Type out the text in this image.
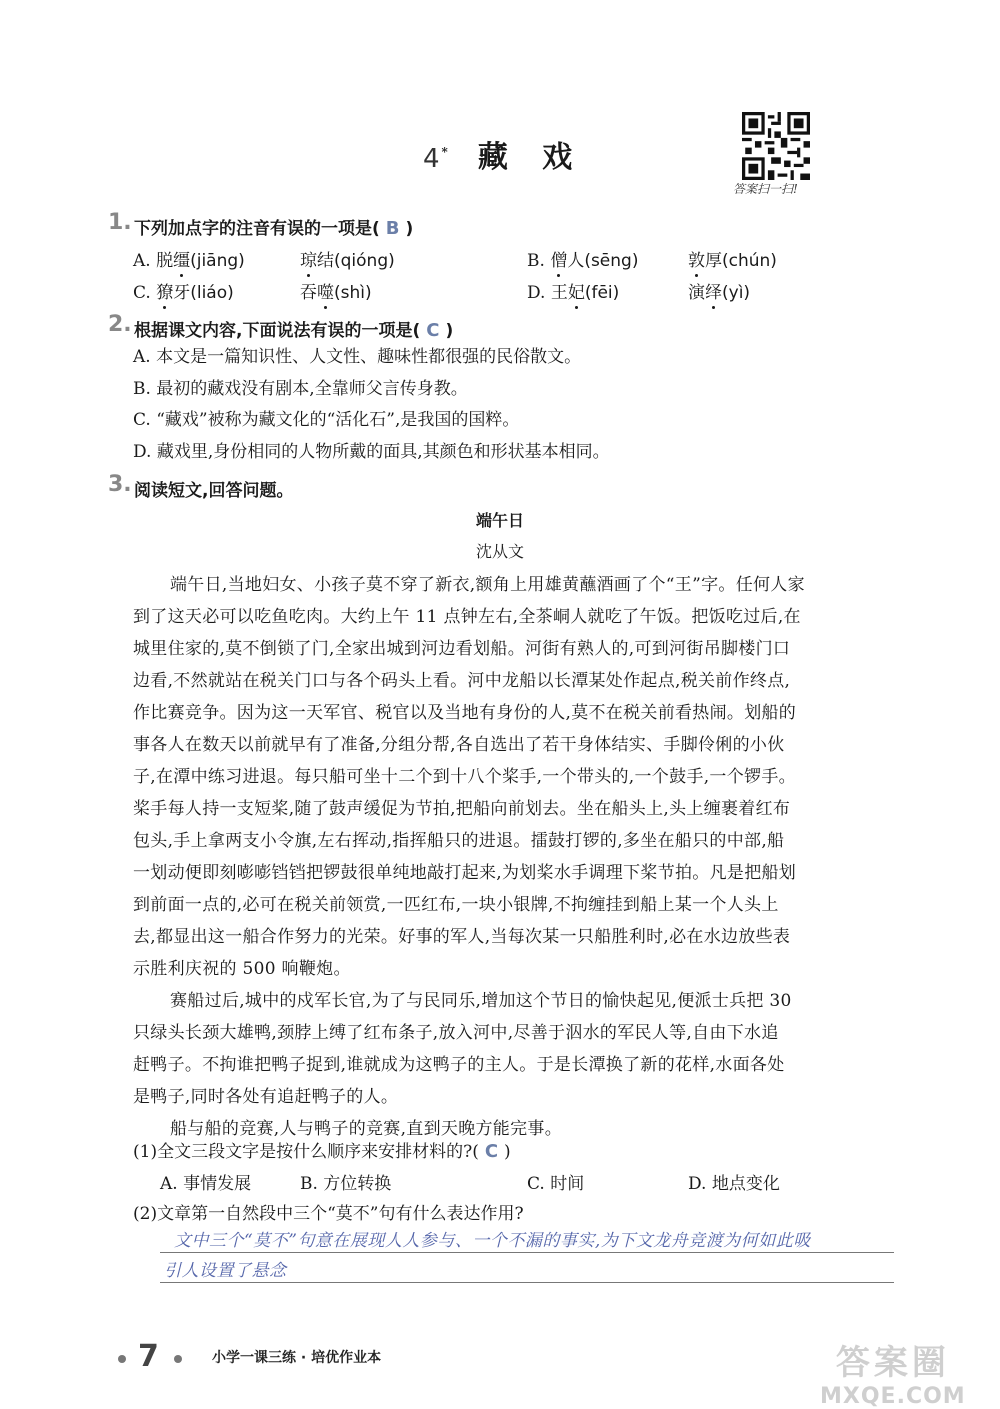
4 * 藏 戏
答案扫一扫!
1. 下列加点字的注音有误的一项是( B )
A. 脱缰(jiāng)	琼结(qióng)	B. 僧人(sēng)	敦厚(chún)
C. 獠牙(liáo)	吞噬(shì)	D. 王妃(fēi)	演绎(yì)
2. 根据课文内容,下面说法有误的一项是( C )
A. 本文是一篇知识性、人文性、趣味性都很强的民俗散文。
B. 最初的藏戏没有剧本,全靠师父言传身教。
C. “藏戏”被称为藏文化的“活化石”,是我国的国粹。
D. 藏戏里,身份相同的人物所戴的面具,其颜色和形状基本相同。
3. 阅读短文,回答问题。
端午日
沈从文
端午日,当地妇女、小孩子莫不穿了新衣,额角上用雄黄蘸酒画了个“王”字。任何人家
到了这天必可以吃鱼吃肉。大约上午 11 点钟左右,全茶峒人就吃了午饭。把饭吃过后,在
城里住家的,莫不倒锁了门,全家出城到河边看划船。河街有熟人的,可到河街吊脚楼门口
边看,不然就站在税关门口与各个码头上看。河中龙船以长潭某处作起点,税关前作终点,
作比赛竞争。因为这一天军官、税官以及当地有身份的人,莫不在税关前看热闹。划船的
事各人在数天以前就早有了准备,分组分帮,各自选出了若干身体结实、手脚伶俐的小伙
子,在潭中练习进退。每只船可坐十二个到十八个桨手,一个带头的,一个鼓手,一个锣手。
桨手每人持一支短桨,随了鼓声缓促为节拍,把船向前划去。坐在船头上,头上缠裹着红布
包头,手上拿两支小令旗,左右挥动,指挥船只的进退。擂鼓打锣的,多坐在船只的中部,船
一划动便即刻嘭嘭铛铛把锣鼓很单纯地敲打起来,为划桨水手调理下桨节拍。凡是把船划
到前面一点的,必可在税关前领赏,一匹红布,一块小银牌,不拘缠挂到船上某一个人头上
去,都显出这一船合作努力的光荣。好事的军人,当每次某一只船胜利时,必在水边放些表
示胜利庆祝的 500 响鞭炮。
赛船过后,城中的戍军长官,为了与民同乐,增加这个节日的愉快起见,便派士兵把 30
只绿头长颈大雄鸭,颈脖上缚了红布条子,放入河中,尽善于泅水的军民人等,自由下水追
赶鸭子。不拘谁把鸭子捉到,谁就成为这鸭子的主人。于是长潭换了新的花样,水面各处
是鸭子,同时各处有追赶鸭子的人。
船与船的竞赛,人与鸭子的竞赛,直到天晚方能完事。
(1)全文三段文字是按什么顺序来安排材料的?( C )
A. 事情发展	B. 方位转换	C. 时间	D. 地点变化
(2)文章第一自然段中三个“莫不”句有什么表达作用?
文中三个“莫不”句意在展现人人参与、一个不漏的事实,为下文龙舟竞渡为何如此吸
引人设置了悬念
7	小学一课三练 · 培优作业本	答案圈
MXQE.COM
